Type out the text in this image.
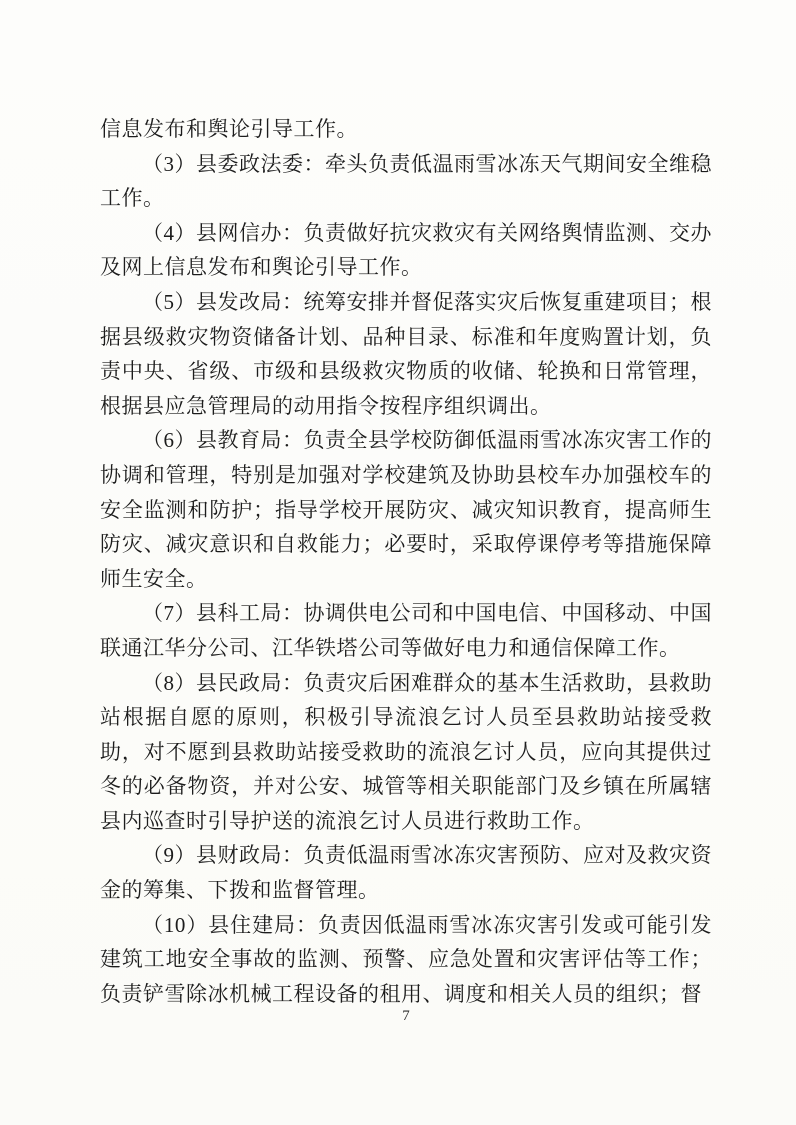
信息发布和舆论引导工作。

（3）县委政法委：牵头负责低温雨雪冰冻天气期间安全维稳工作。

（4）县网信办：负责做好抗灾救灾有关网络舆情监测、交办及网上信息发布和舆论引导工作。

（5）县发改局：统筹安排并督促落实灾后恢复重建项目；根据县级救灾物资储备计划、品种目录、标准和年度购置计划，负责中央、省级、市级和县级救灾物质的收储、轮换和日常管理，根据县应急管理局的动用指令按程序组织调出。

（6）县教育局：负责全县学校防御低温雨雪冰冻灾害工作的协调和管理，特别是加强对学校建筑及协助县校车办加强校车的安全监测和防护；指导学校开展防灾、减灾知识教育，提高师生防灾、减灾意识和自救能力；必要时，采取停课停考等措施保障师生安全。

（7）县科工局：协调供电公司和中国电信、中国移动、中国联通江华分公司、江华铁塔公司等做好电力和通信保障工作。

（8）县民政局：负责灾后困难群众的基本生活救助，县救助站根据自愿的原则，积极引导流浪乞讨人员至县救助站接受救助，对不愿到县救助站接受救助的流浪乞讨人员，应向其提供过冬的必备物资，并对公安、城管等相关职能部门及乡镇在所属辖县内巡查时引导护送的流浪乞讨人员进行救助工作。

（9）县财政局：负责低温雨雪冰冻灾害预防、应对及救灾资金的筹集、下拨和监督管理。

（10）县住建局：负责因低温雨雪冰冻灾害引发或可能引发建筑工地安全事故的监测、预警、应急处置和灾害评估等工作；负责铲雪除冰机械工程设备的租用、调度和相关人员的组织；督

7
